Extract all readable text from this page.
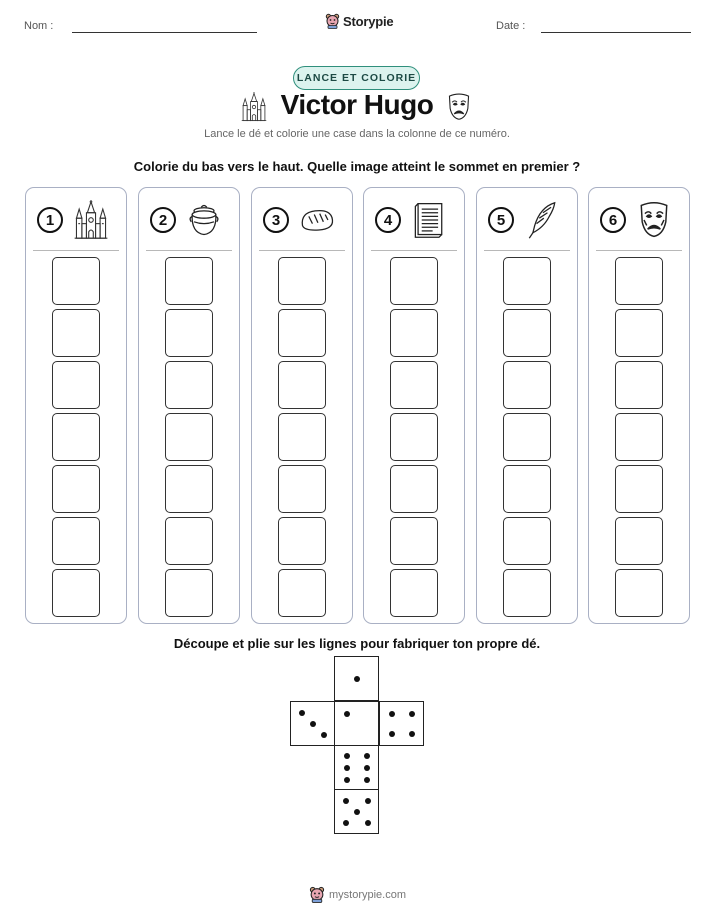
Nom :	Storypie	Date :
LANCE ET COLORIE
Victor Hugo
Lance le dé et colorie une case dans la colonne de ce numéro.
Colorie du bas vers le haut. Quelle image atteint le sommet en premier ?
1	2	3	4	5	6
Découpe et plie sur les lignes pour fabriquer ton propre dé.
mystorypie.com
